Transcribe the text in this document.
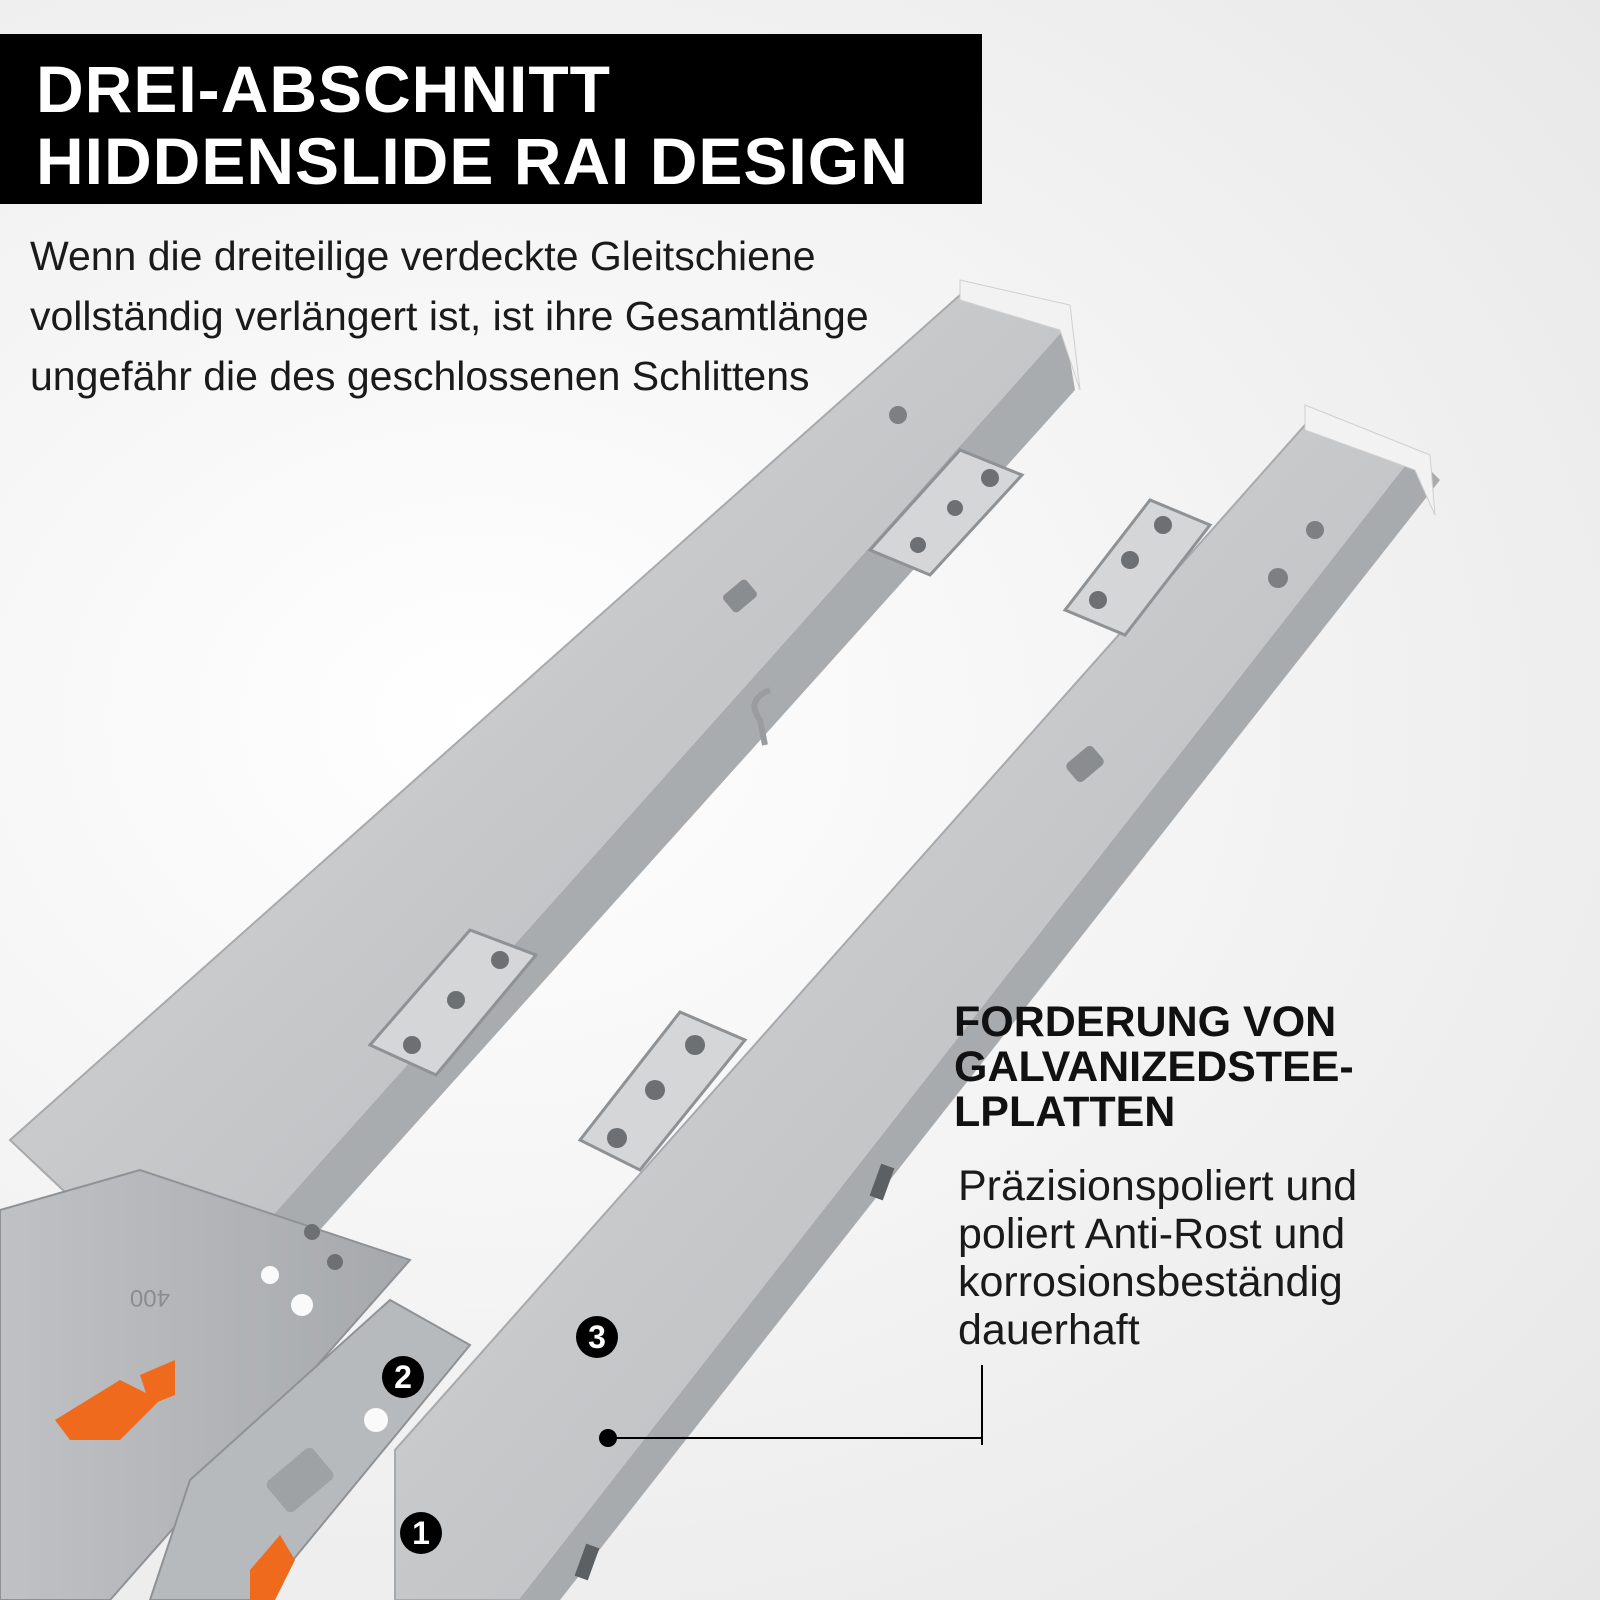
400
DREI-ABSCHNITT
HIDDENSLIDE RAI DESIGN
Wenn die dreiteilige verdeckte Gleitschiene
vollständig verlängert ist, ist ihre Gesamtlänge
ungefähr die des geschlossenen Schlittens
FORDERUNG VON
GALVANIZEDSTEE-
LPLATTEN
Präzisionspoliert und
poliert Anti-Rost und
korrosionsbeständig
dauerhaft
1
2
3
